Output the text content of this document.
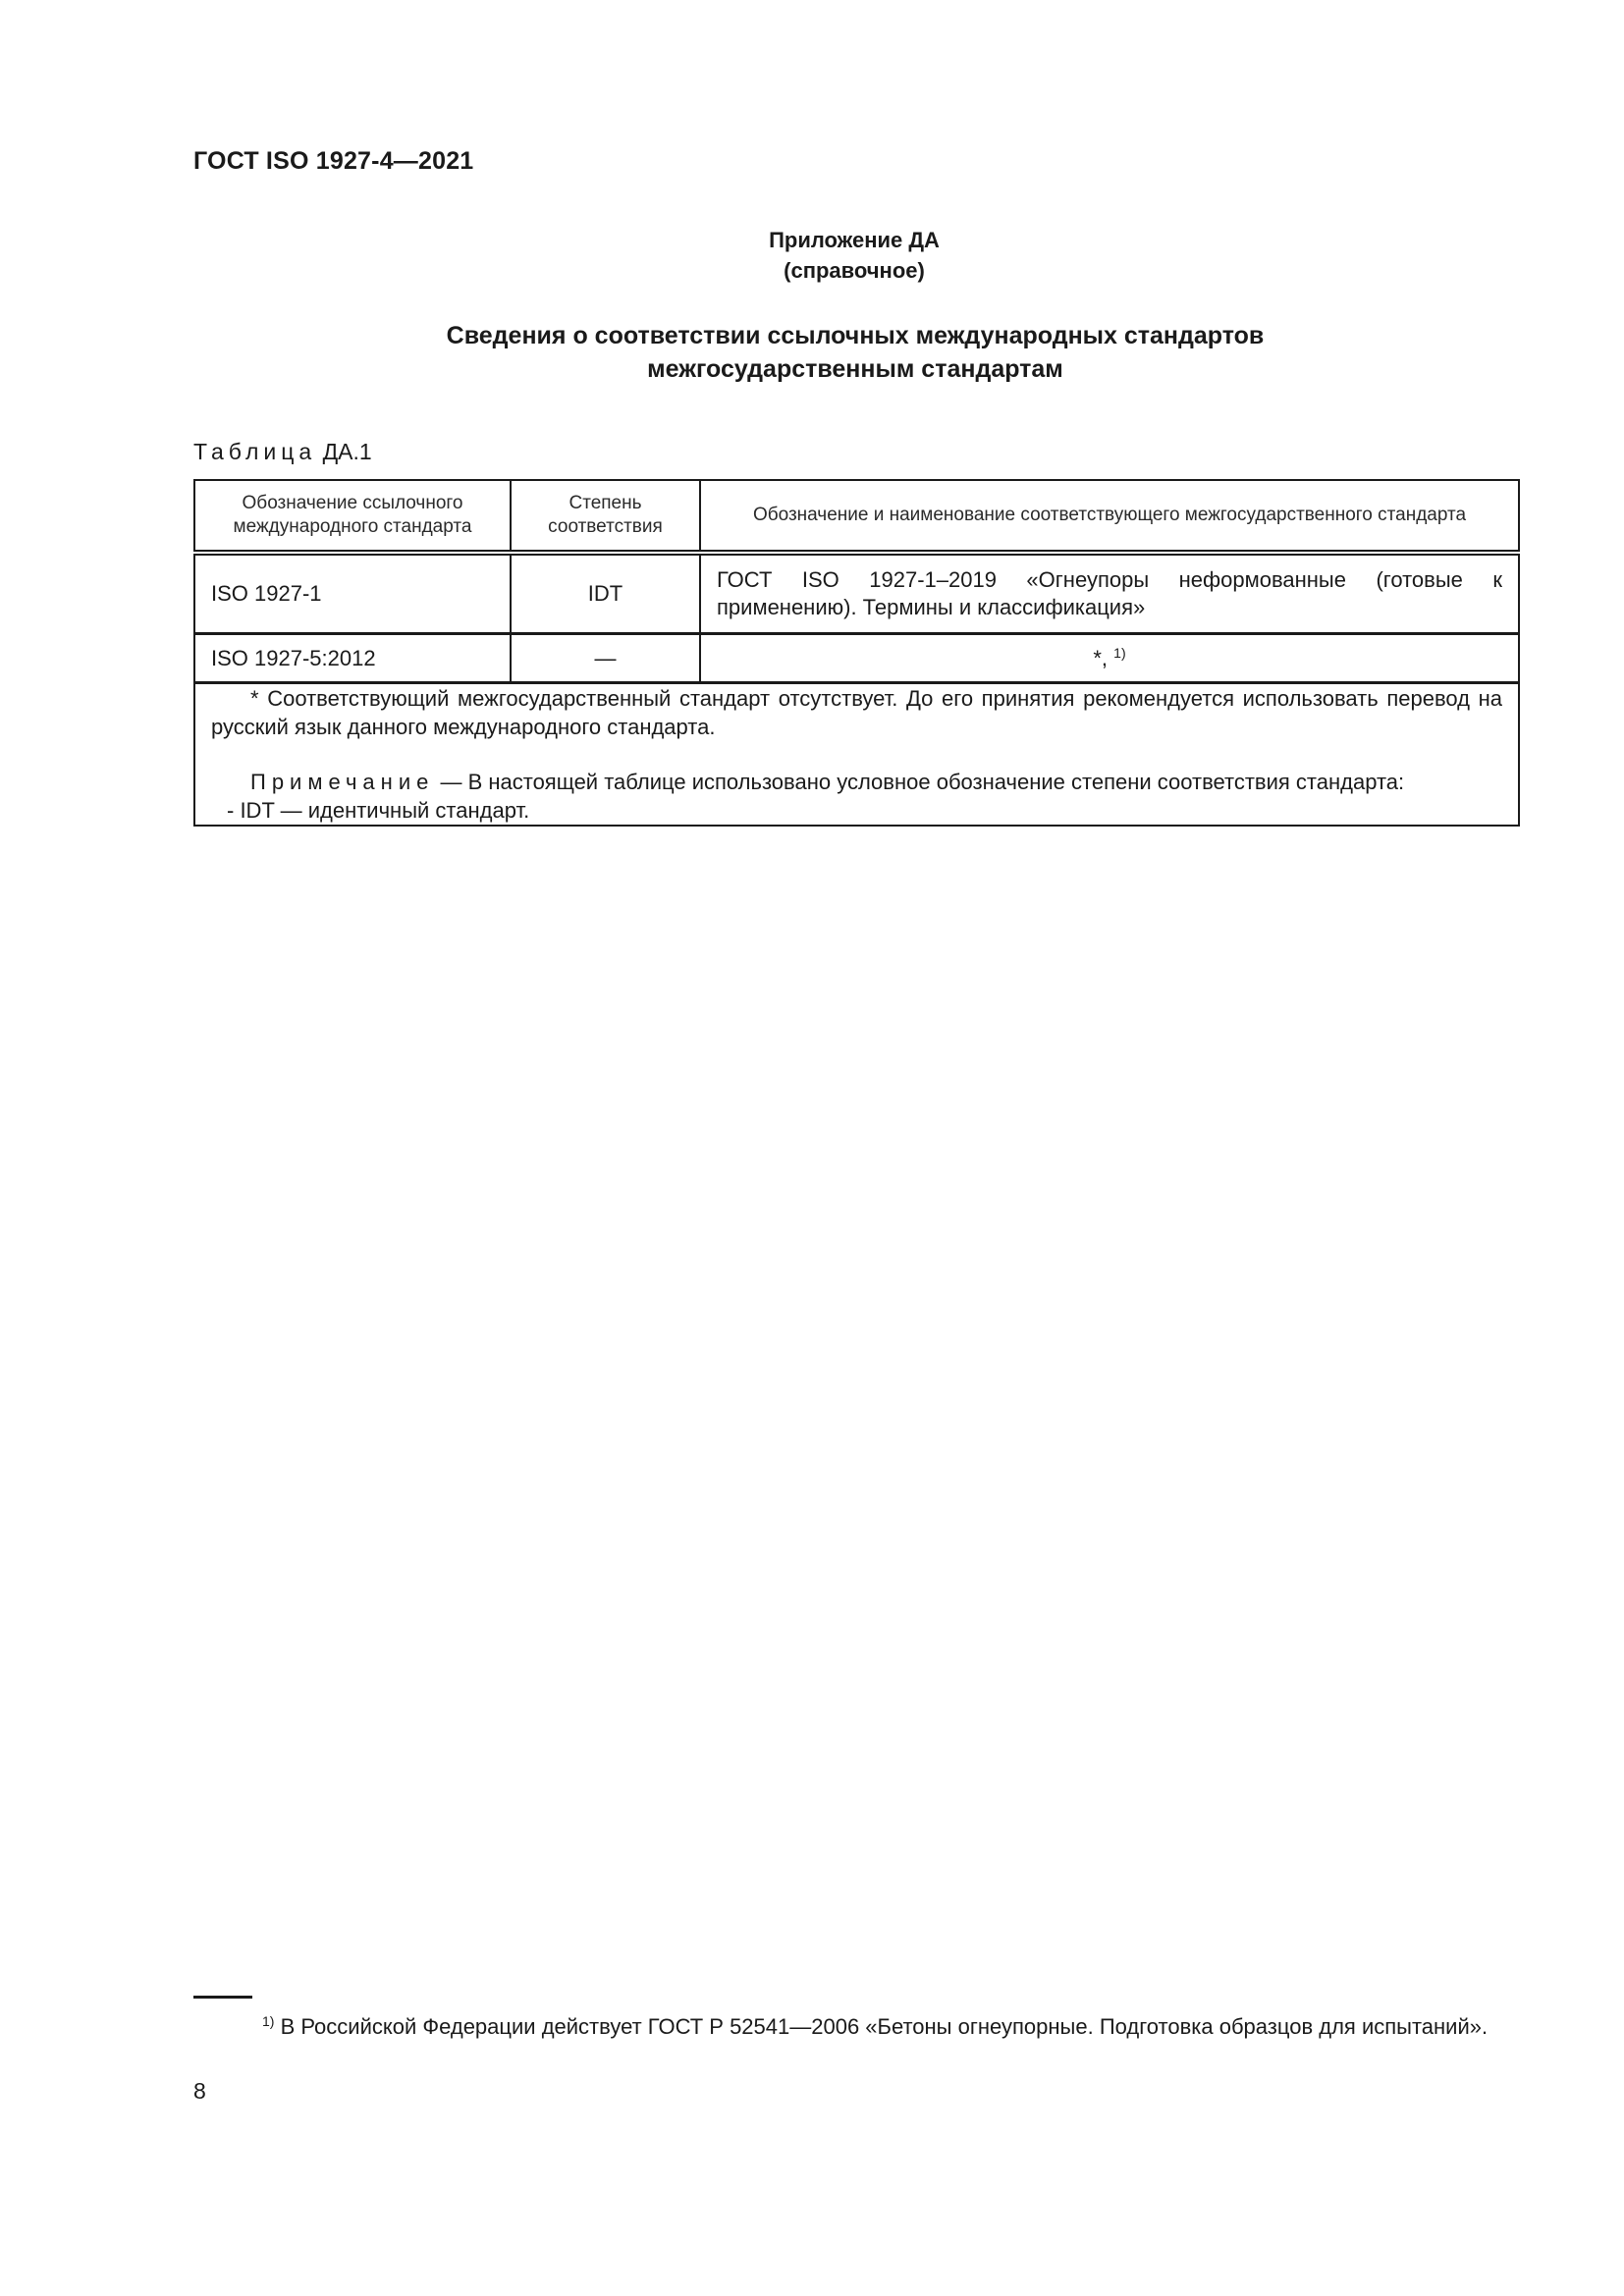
ГОСТ ISO 1927-4—2021
Приложение ДА
(справочное)
Сведения о соответствии ссылочных международных стандартов
межгосударственным стандартам
Таблица ДА.1
Обозначение ссылочного международного стандарта	Степень соответствия	Обозначение и наименование соответствующего межгосударственного стандарта
ISO 1927-1	IDT	ГОСТ ISO 1927-1–2019 «Огнеупоры неформованные (готовые к применению). Термины и классификация»
ISO 1927-5:2012	—	*, $^{1)}$

* Соответствующий межгосударственный стандарт отсутствует. До его принятия рекомендуется использовать перевод на русский язык данного международного стандарта.

Примечание — В настоящей таблице использовано условное обозначение степени соответствия стандарта:

- IDT — идентичный стандарт.		
$^{1)}$ В Российской Федерации действует ГОСТ Р 52541—2006 «Бетоны огнеупорные. Подготовка образцов для испытаний».
8
